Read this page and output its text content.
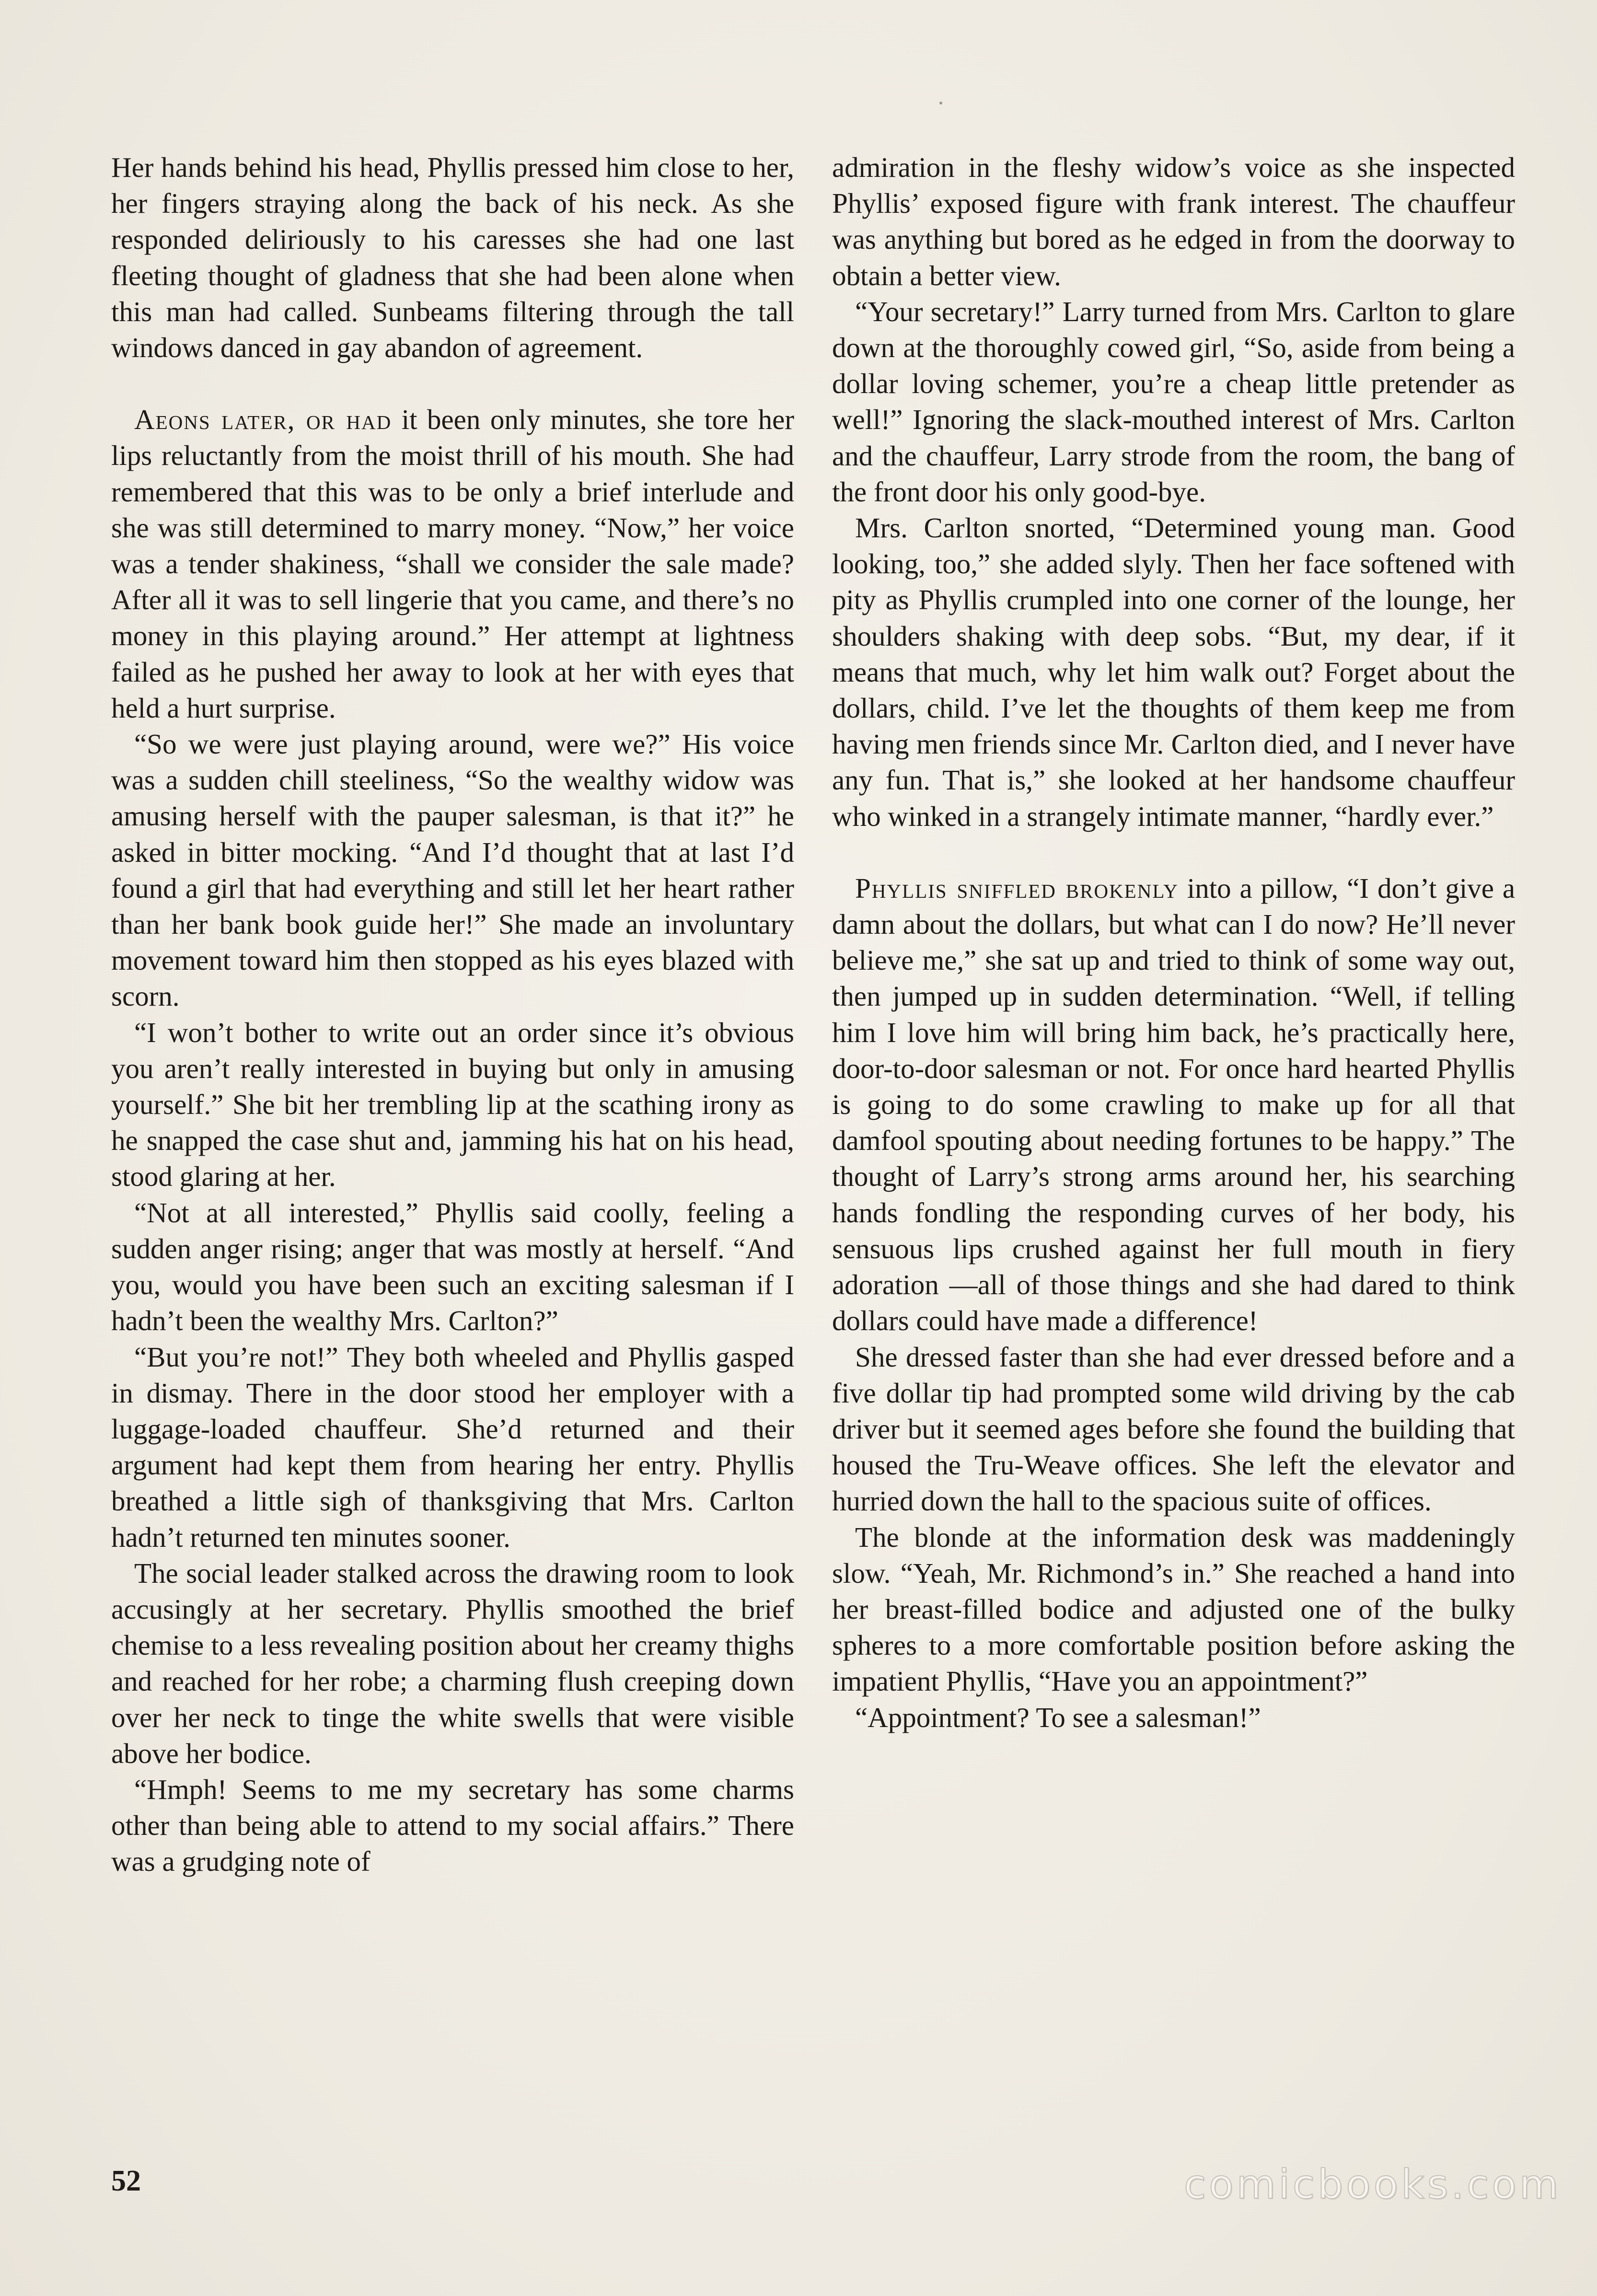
Her hands behind his head, Phyllis pressed him close to her, her fingers straying along the back of his neck. As she responded deliriously to his caresses she had one last fleeting thought of gladness that she had been alone when this man had called. Sunbeams filtering through the tall windows danced in gay abandon of agreement.

Aeons later, or had it been only minutes, she tore her lips reluctantly from the moist thrill of his mouth. She had remembered that this was to be only a brief interlude and she was still determined to marry money. “Now,” her voice was a tender shakiness, “shall we consider the sale made? After all it was to sell lingerie that you came, and there’s no money in this playing around.” Her attempt at lightness failed as he pushed her away to look at her with eyes that held a hurt surprise.

“So we were just playing around, were we?” His voice was a sudden chill steeliness, “So the wealthy widow was amusing herself with the pauper salesman, is that it?” he asked in bitter mocking. “And I’d thought that at last I’d found a girl that had everything and still let her heart rather than her bank book guide her!” She made an involuntary movement toward him then stopped as his eyes blazed with scorn.

“I won’t bother to write out an order since it’s obvious you aren’t really interested in buying but only in amusing yourself.” She bit her trembling lip at the scathing irony as he snapped the case shut and, jamming his hat on his head, stood glaring at her.

“Not at all interested,” Phyllis said coolly, feeling a sudden anger rising; anger that was mostly at herself. “And you, would you have been such an exciting salesman if I hadn’t been the wealthy Mrs. Carlton?”

“But you’re not!” They both wheeled and Phyllis gasped in dismay. There in the door stood her employer with a luggage-loaded chauffeur. She’d returned and their argument had kept them from hearing her entry. Phyllis breathed a little sigh of thanksgiving that Mrs. Carlton hadn’t returned ten minutes sooner.

The social leader stalked across the drawing room to look accusingly at her secretary. Phyllis smoothed the brief chemise to a less revealing position about her creamy thighs and reached for her robe; a charming flush creeping down over her neck to tinge the white swells that were visible above her bodice.

“Hmph! Seems to me my secretary has some charms other than being able to attend to my social affairs.” There was a grudging note of

admiration in the fleshy widow’s voice as she inspected Phyllis’ exposed figure with frank interest. The chauffeur was anything but bored as he edged in from the doorway to obtain a better view.

“Your secretary!” Larry turned from Mrs. Carlton to glare down at the thoroughly cowed girl, “So, aside from being a dollar loving schemer, you’re a cheap little pretender as well!” Ignoring the slack-mouthed interest of Mrs. Carlton and the chauffeur, Larry strode from the room, the bang of the front door his only good-bye.

Mrs. Carlton snorted, “Determined young man. Good looking, too,” she added slyly. Then her face softened with pity as Phyllis crumpled into one corner of the lounge, her shoulders shaking with deep sobs. “But, my dear, if it means that much, why let him walk out? Forget about the dollars, child. I’ve let the thoughts of them keep me from having men friends since Mr. Carlton died, and I never have any fun. That is,” she looked at her handsome chauffeur who winked in a strangely intimate manner, “hardly ever.”

Phyllis sniffled brokenly into a pillow, “I don’t give a damn about the dollars, but what can I do now? He’ll never believe me,” she sat up and tried to think of some way out, then jumped up in sudden determination. “Well, if telling him I love him will bring him back, he’s practically here, door-to-door salesman or not. For once hard hearted Phyllis is going to do some crawling to make up for all that damfool spouting about needing fortunes to be happy.” The thought of Larry’s strong arms around her, his searching hands fondling the responding curves of her body, his sensuous lips crushed against her full mouth in fiery adoration —all of those things and she had dared to think dollars could have made a difference!

She dressed faster than she had ever dressed before and a five dollar tip had prompted some wild driving by the cab driver but it seemed ages before she found the building that housed the Tru-Weave offices. She left the elevator and hurried down the hall to the spacious suite of offices.

The blonde at the information desk was maddeningly slow. “Yeah, Mr. Richmond’s in.” She reached a hand into her breast-filled bodice and adjusted one of the bulky spheres to a more comfortable position before asking the impatient Phyllis, “Have you an appointment?”

“Appointment? To see a salesman!”

52	comicbooks.com
